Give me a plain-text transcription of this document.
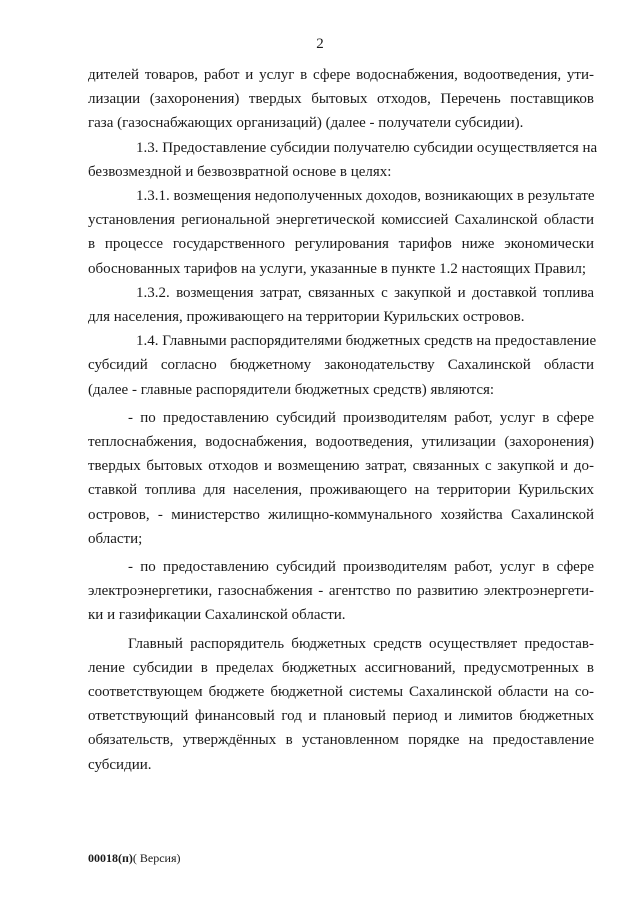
2
дителей товаров, работ и услуг в сфере водоснабжения, водоотведения, ути-
лизации (захоронения) твердых бытовых отходов, Перечень поставщиков
газа (газоснабжающих организаций) (далее - получатели субсидии).
1.3. Предоставление субсидии получателю субсидии осуществляется на
безвозмездной и безвозвратной основе в целях:
1.3.1. возмещения недополученных доходов, возникающих в результате
установления региональной энергетической комиссией Сахалинской области
в процессе государственного регулирования тарифов ниже экономически
обоснованных тарифов на услуги, указанные в пункте 1.2 настоящих Правил;
1.3.2. возмещения затрат, связанных с закупкой и доставкой топлива
для населения, проживающего на территории Курильских островов.
1.4. Главными распорядителями бюджетных средств на предоставление
субсидий согласно бюджетному законодательству Сахалинской области
(далее - главные распорядители бюджетных средств) являются:
- по предоставлению субсидий производителям работ, услуг в сфере
теплоснабжения, водоснабжения, водоотведения, утилизации (захоронения)
твердых бытовых отходов и возмещению затрат, связанных с закупкой и до-
ставкой топлива для населения, проживающего на территории Курильских
островов, - министерство жилищно-коммунального хозяйства Сахалинской
области;
- по предоставлению субсидий производителям работ, услуг в сфере
электроэнергетики, газоснабжения - агентство по развитию электроэнергети-
ки и газификации Сахалинской области.
Главный распорядитель бюджетных средств осуществляет предостав-
ление субсидии в пределах бюджетных ассигнований, предусмотренных в
соответствующем бюджете бюджетной системы Сахалинской области на со-
ответствующий финансовый год и плановый период и лимитов бюджетных
обязательств, утверждённых в установленном порядке на предоставление
субсидии.
00018(п)( Версия)
